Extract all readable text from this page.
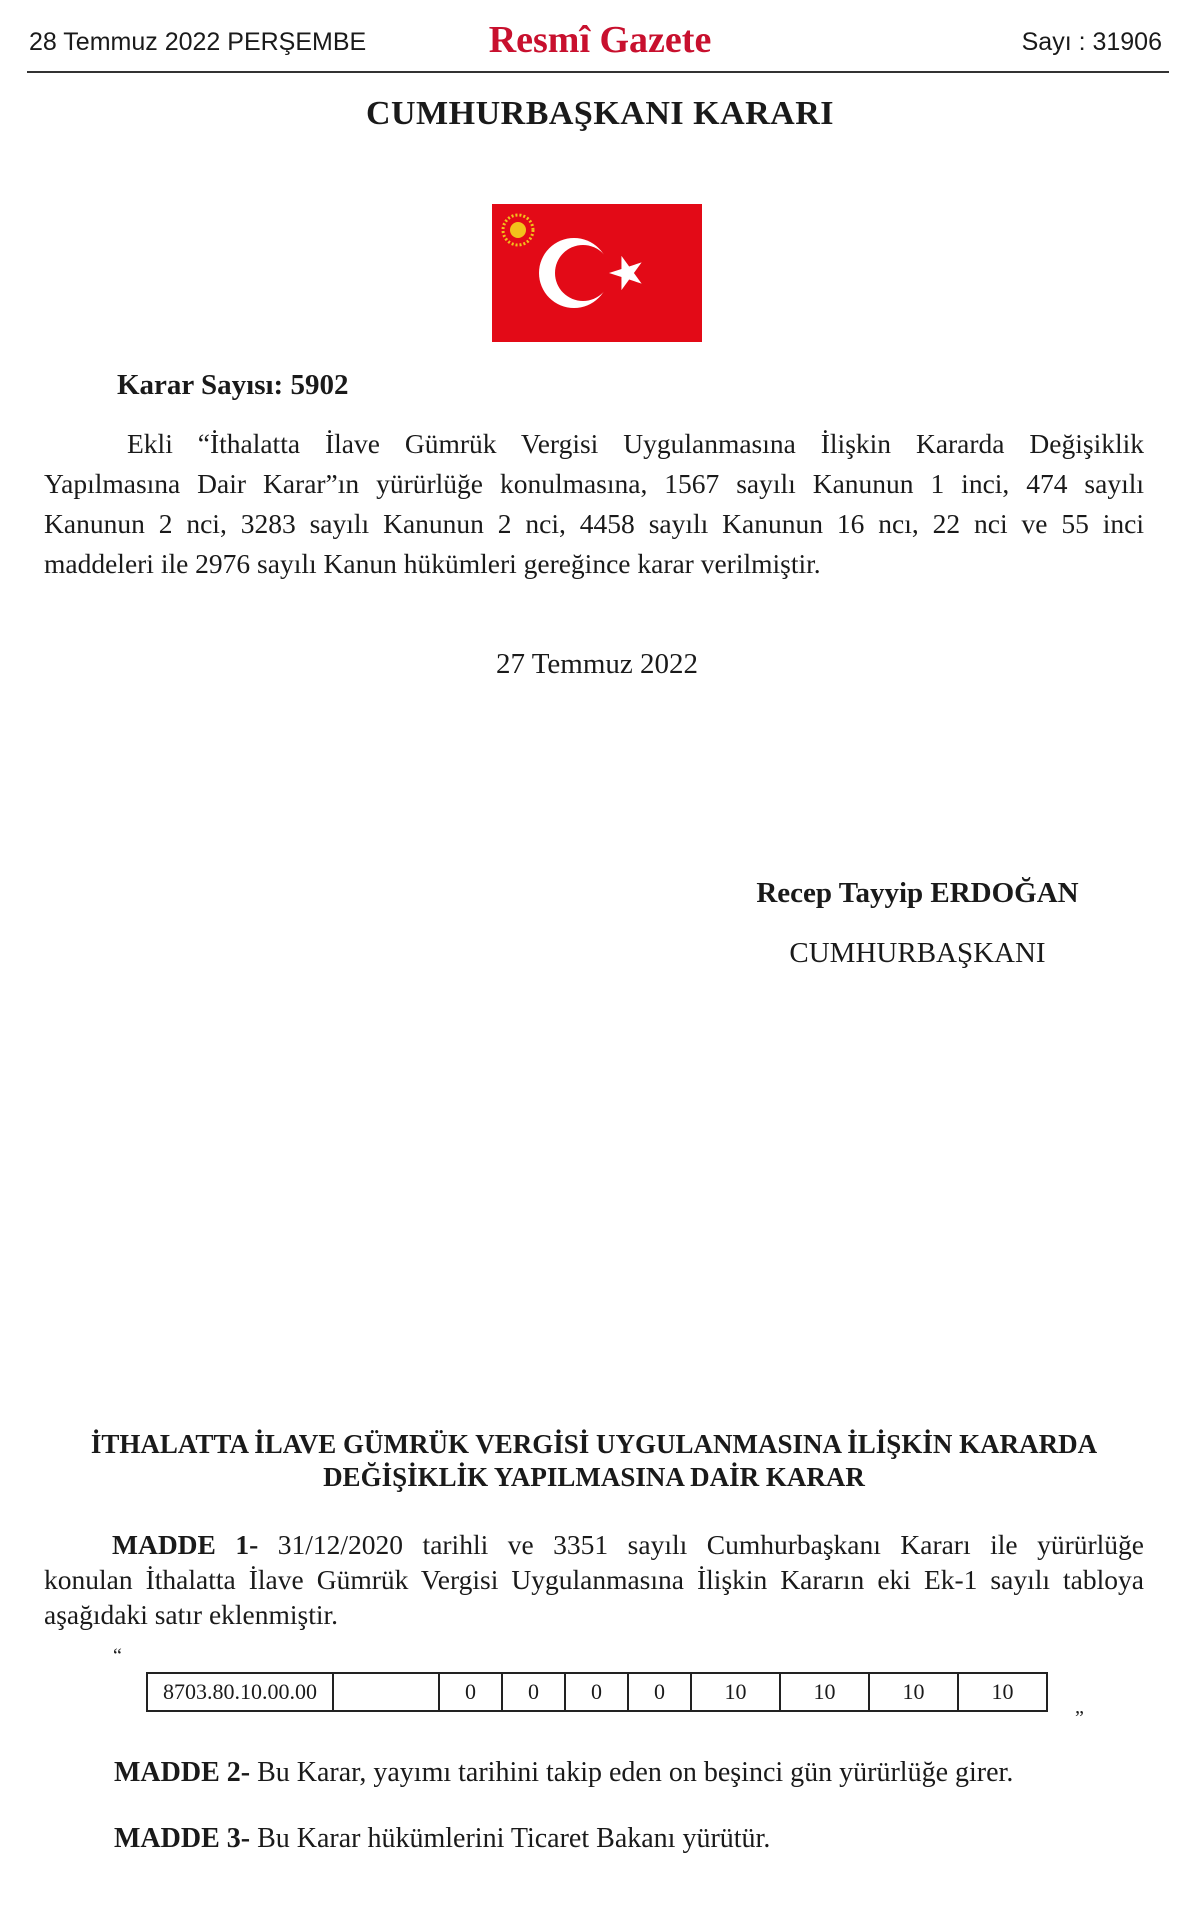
28 Temmuz 2022 PERŞEMBE	Resmî Gazete	Sayı : 31906
CUMHURBAŞKANI KARARI
Karar Sayısı: 5902
Ekli “İthalatta İlave Gümrük Vergisi Uygulanmasına İlişkin Kararda Değişiklik
Yapılmasına Dair Karar”ın yürürlüğe konulmasına, 1567 sayılı Kanunun 1 inci, 474 sayılı
Kanunun 2 nci, 3283 sayılı Kanunun 2 nci, 4458 sayılı Kanunun 16 ncı, 22 nci ve 55 inci
maddeleri ile 2976 sayılı Kanun hükümleri gereğince karar verilmiştir.
27 Temmuz 2022
Recep Tayyip ERDOĞAN
CUMHURBAŞKANI
İTHALATTA İLAVE GÜMRÜK VERGİSİ UYGULANMASINA İLİŞKİN KARARDA
DEĞİŞİKLİK YAPILMASINA DAİR KARAR
MADDE 1- 31/12/2020 tarihli ve 3351 sayılı Cumhurbaşkanı Kararı ile yürürlüğe
konulan İthalatta İlave Gümrük Vergisi Uygulanmasına İlişkin Kararın eki Ek-1 sayılı tabloya
aşağıdaki satır eklenmiştir.
“
8703.80.10.00.00		0	0	0	0	10	10	10	10
”
MADDE 2- Bu Karar, yayımı tarihini takip eden on beşinci gün yürürlüğe girer.
MADDE 3- Bu Karar hükümlerini Ticaret Bakanı yürütür.
